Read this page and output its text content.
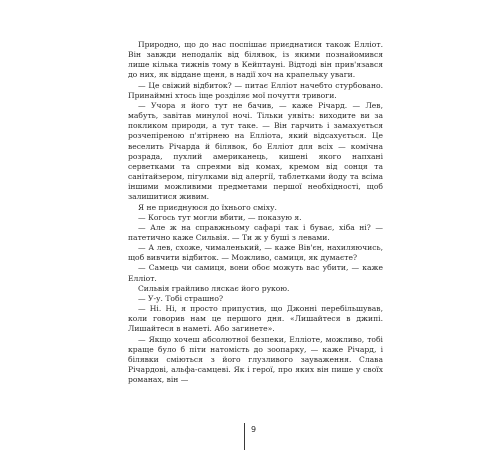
Природно, що до нас поспішає приєднатися також Елліот. Він завжди неподалік від білявок, із якими познайомився лише кілька тижнів тому в Кейптауні. Відтоді він прив'язався до них, як віддане щеня, в надії хоч на крапельку уваги.

— Це свіжий відбиток? — питає Елліот начебто стурбовано. Принаймні хтось іще розділяє мої почуття тривоги.

— Учора я його тут не бачив, — каже Річард. — Лев, мабуть, завітав минулої ночі. Тільки уявіть: виходите ви за покликом природи, а тут таке. — Він гарчить і замахується розчепіреною п'ятірнею на Елліота, який відсахується. Це веселить Річарда й білявок, бо Елліот для всіх — комічна розрада, пухлий американець, кишені якого напхані серветками та спреями від комах, кремом від сонця та санітайзером, пігулками від алергії, таблетками йоду та всіма іншими можливими предметами першої необхідності, щоб залишитися живим.

Я не приєднуюся до їхнього сміху.

— Когось тут могли вбити, — показую я.

— Але ж на справжньому сафарі так і буває, хіба ні? — патетично каже Сильвія. — Ти ж у буші з левами.

— А лев, схоже, чималенький, — каже Вів'єн, нахиляючись, щоб вивчити відбиток. — Можливо, самиця, як думаєте?

— Самець чи самиця, вони обоє можуть вас убити, — каже Елліот.

Сильвія грайливо ляскає його рукою.

— У-у. Тобі страшно?

— Ні. Ні, я просто припустив, що Джонні перебільшував, коли говорив нам це першого дня. «Лишайтеся в джипі. Лишайтеся в наметі. Або загинете».

— Якщо хочеш абсолютної безпеки, Елліоте, можливо, тобі краще було б піти натомість до зоопарку, — каже Річард, і білявки сміються з його глузливого зауваження. Слава Річардові, альфа-самцеві. Як і герої, про яких він пише у своїх романах, він —

9
